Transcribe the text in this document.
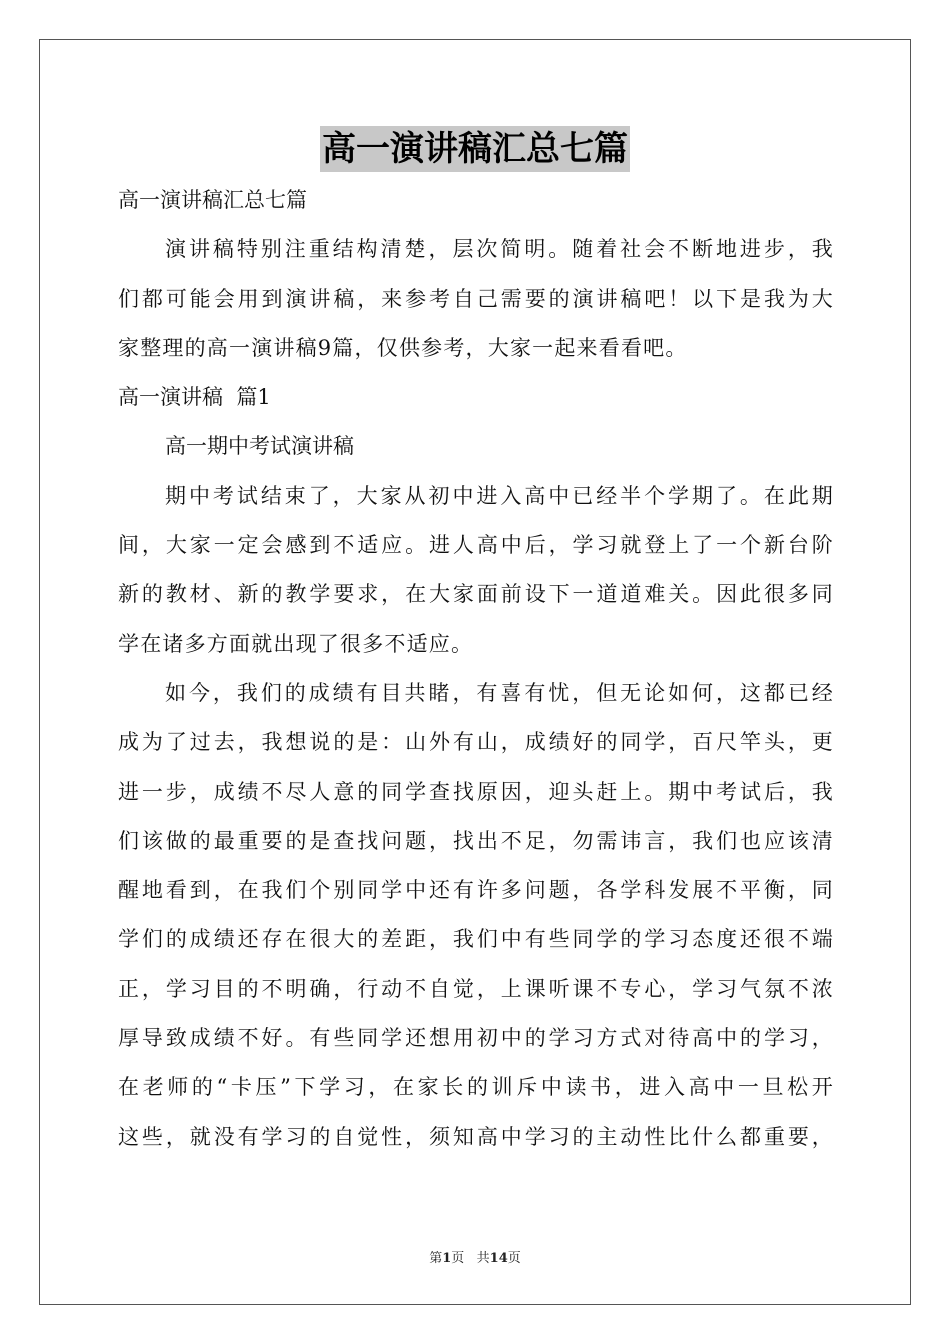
高一演讲稿汇总七篇
高一演讲稿汇总七篇
演讲稿特别注重结构清楚，层次简明。随着社会不断地进步，我
们都可能会用到演讲稿，来参考自己需要的演讲稿吧！以下是我为大
家整理的高一演讲稿9篇，仅供参考，大家一起来看看吧。
高一演讲稿  篇1
高一期中考试演讲稿
期中考试结束了，大家从初中进入高中已经半个学期了。在此期
间，大家一定会感到不适应。进人高中后，学习就登上了一个新台阶
新的教材、新的教学要求，在大家面前设下一道道难关。因此很多同
学在诸多方面就出现了很多不适应。
如今，我们的成绩有目共睹，有喜有忧，但无论如何，这都已经
成为了过去，我想说的是：山外有山，成绩好的同学，百尺竿头，更
进一步，成绩不尽人意的同学查找原因，迎头赶上。期中考试后，我
们该做的最重要的是查找问题，找出不足，勿需讳言，我们也应该清
醒地看到，在我们个别同学中还有许多问题，各学科发展不平衡，同
学们的成绩还存在很大的差距，我们中有些同学的学习态度还很不端
正，学习目的不明确，行动不自觉，上课听课不专心，学习气氛不浓
厚导致成绩不好。有些同学还想用初中的学习方式对待高中的学习，
在老师的“卡压”下学习，在家长的训斥中读书，进入高中一旦松开
这些，就没有学习的自觉性，须知高中学习的主动性比什么都重要，
第1页   共14页
